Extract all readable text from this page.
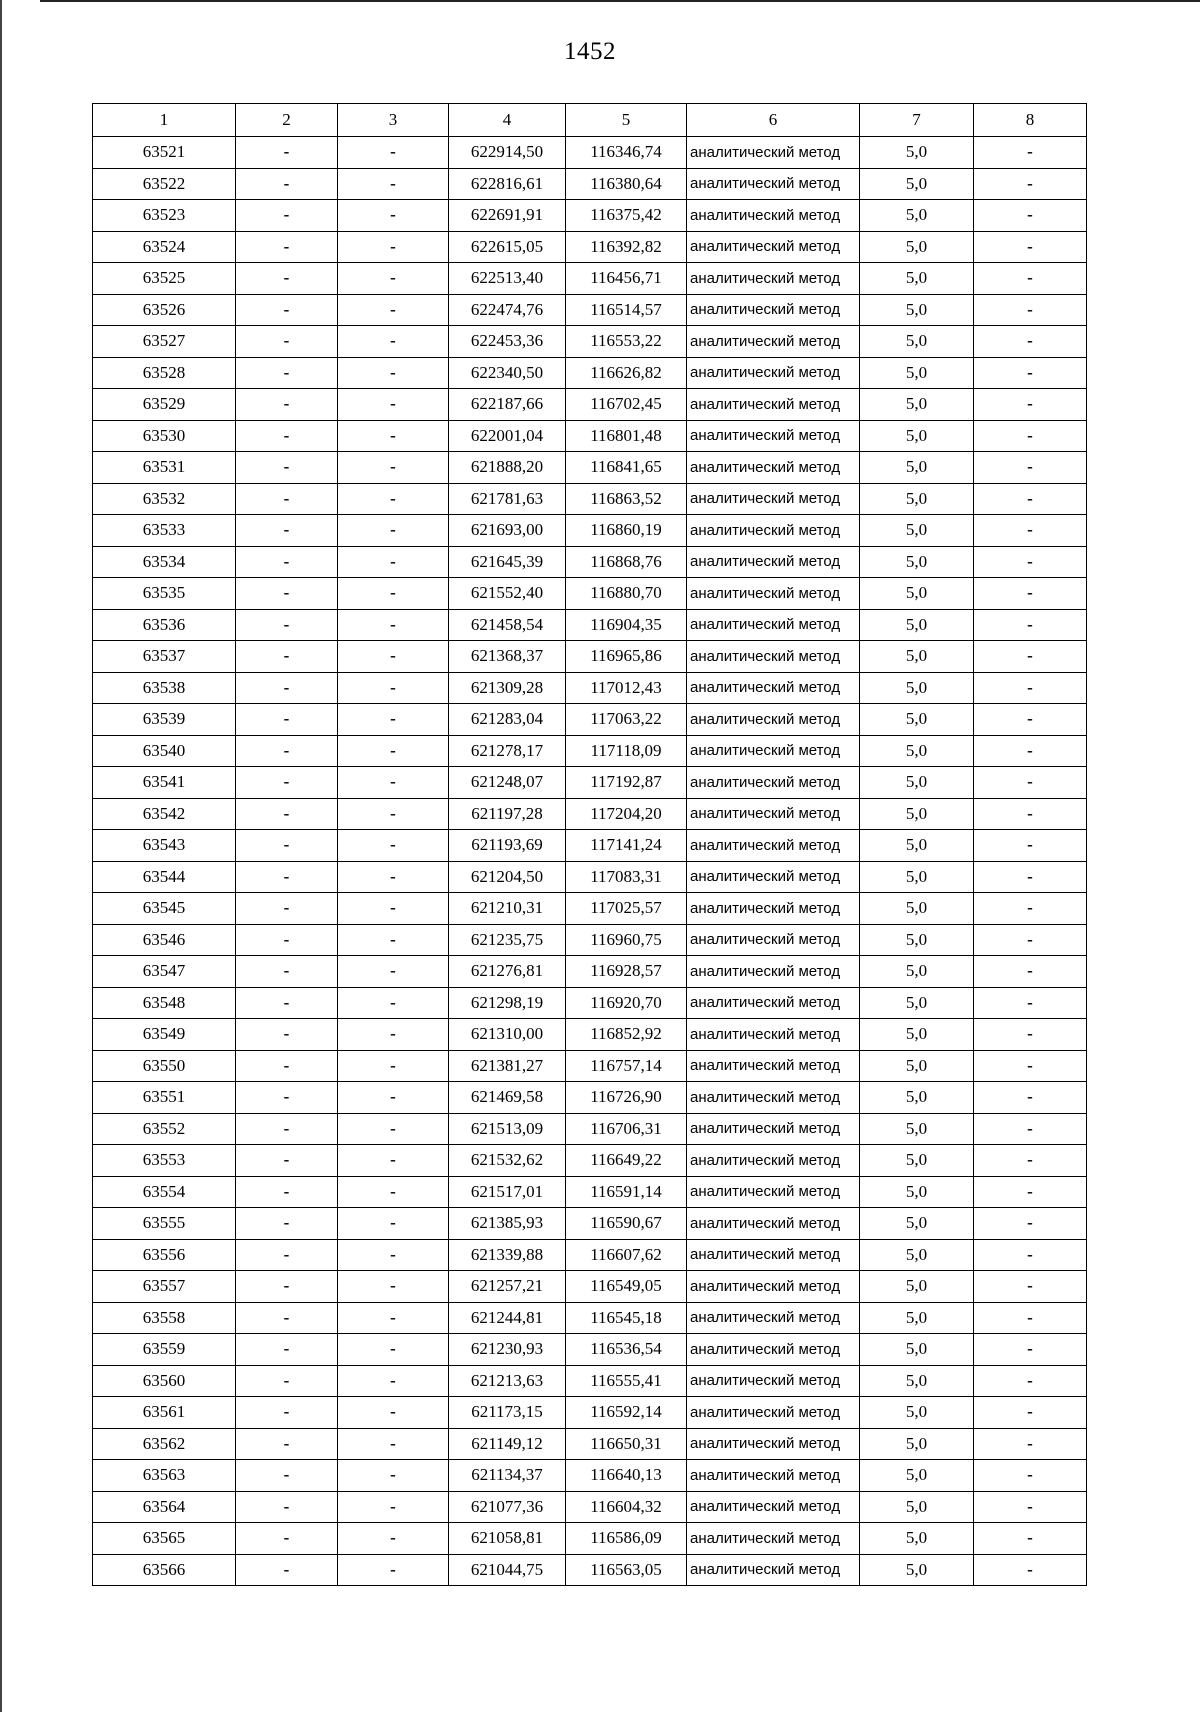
1452
1	2	3	4	5	6	7	8
63521	-	-	622914,50	116346,74	аналитический метод	5,0	-
63522	-	-	622816,61	116380,64	аналитический метод	5,0	-
63523	-	-	622691,91	116375,42	аналитический метод	5,0	-
63524	-	-	622615,05	116392,82	аналитический метод	5,0	-
63525	-	-	622513,40	116456,71	аналитический метод	5,0	-
63526	-	-	622474,76	116514,57	аналитический метод	5,0	-
63527	-	-	622453,36	116553,22	аналитический метод	5,0	-
63528	-	-	622340,50	116626,82	аналитический метод	5,0	-
63529	-	-	622187,66	116702,45	аналитический метод	5,0	-
63530	-	-	622001,04	116801,48	аналитический метод	5,0	-
63531	-	-	621888,20	116841,65	аналитический метод	5,0	-
63532	-	-	621781,63	116863,52	аналитический метод	5,0	-
63533	-	-	621693,00	116860,19	аналитический метод	5,0	-
63534	-	-	621645,39	116868,76	аналитический метод	5,0	-
63535	-	-	621552,40	116880,70	аналитический метод	5,0	-
63536	-	-	621458,54	116904,35	аналитический метод	5,0	-
63537	-	-	621368,37	116965,86	аналитический метод	5,0	-
63538	-	-	621309,28	117012,43	аналитический метод	5,0	-
63539	-	-	621283,04	117063,22	аналитический метод	5,0	-
63540	-	-	621278,17	117118,09	аналитический метод	5,0	-
63541	-	-	621248,07	117192,87	аналитический метод	5,0	-
63542	-	-	621197,28	117204,20	аналитический метод	5,0	-
63543	-	-	621193,69	117141,24	аналитический метод	5,0	-
63544	-	-	621204,50	117083,31	аналитический метод	5,0	-
63545	-	-	621210,31	117025,57	аналитический метод	5,0	-
63546	-	-	621235,75	116960,75	аналитический метод	5,0	-
63547	-	-	621276,81	116928,57	аналитический метод	5,0	-
63548	-	-	621298,19	116920,70	аналитический метод	5,0	-
63549	-	-	621310,00	116852,92	аналитический метод	5,0	-
63550	-	-	621381,27	116757,14	аналитический метод	5,0	-
63551	-	-	621469,58	116726,90	аналитический метод	5,0	-
63552	-	-	621513,09	116706,31	аналитический метод	5,0	-
63553	-	-	621532,62	116649,22	аналитический метод	5,0	-
63554	-	-	621517,01	116591,14	аналитический метод	5,0	-
63555	-	-	621385,93	116590,67	аналитический метод	5,0	-
63556	-	-	621339,88	116607,62	аналитический метод	5,0	-
63557	-	-	621257,21	116549,05	аналитический метод	5,0	-
63558	-	-	621244,81	116545,18	аналитический метод	5,0	-
63559	-	-	621230,93	116536,54	аналитический метод	5,0	-
63560	-	-	621213,63	116555,41	аналитический метод	5,0	-
63561	-	-	621173,15	116592,14	аналитический метод	5,0	-
63562	-	-	621149,12	116650,31	аналитический метод	5,0	-
63563	-	-	621134,37	116640,13	аналитический метод	5,0	-
63564	-	-	621077,36	116604,32	аналитический метод	5,0	-
63565	-	-	621058,81	116586,09	аналитический метод	5,0	-
63566	-	-	621044,75	116563,05	аналитический метод	5,0	-
